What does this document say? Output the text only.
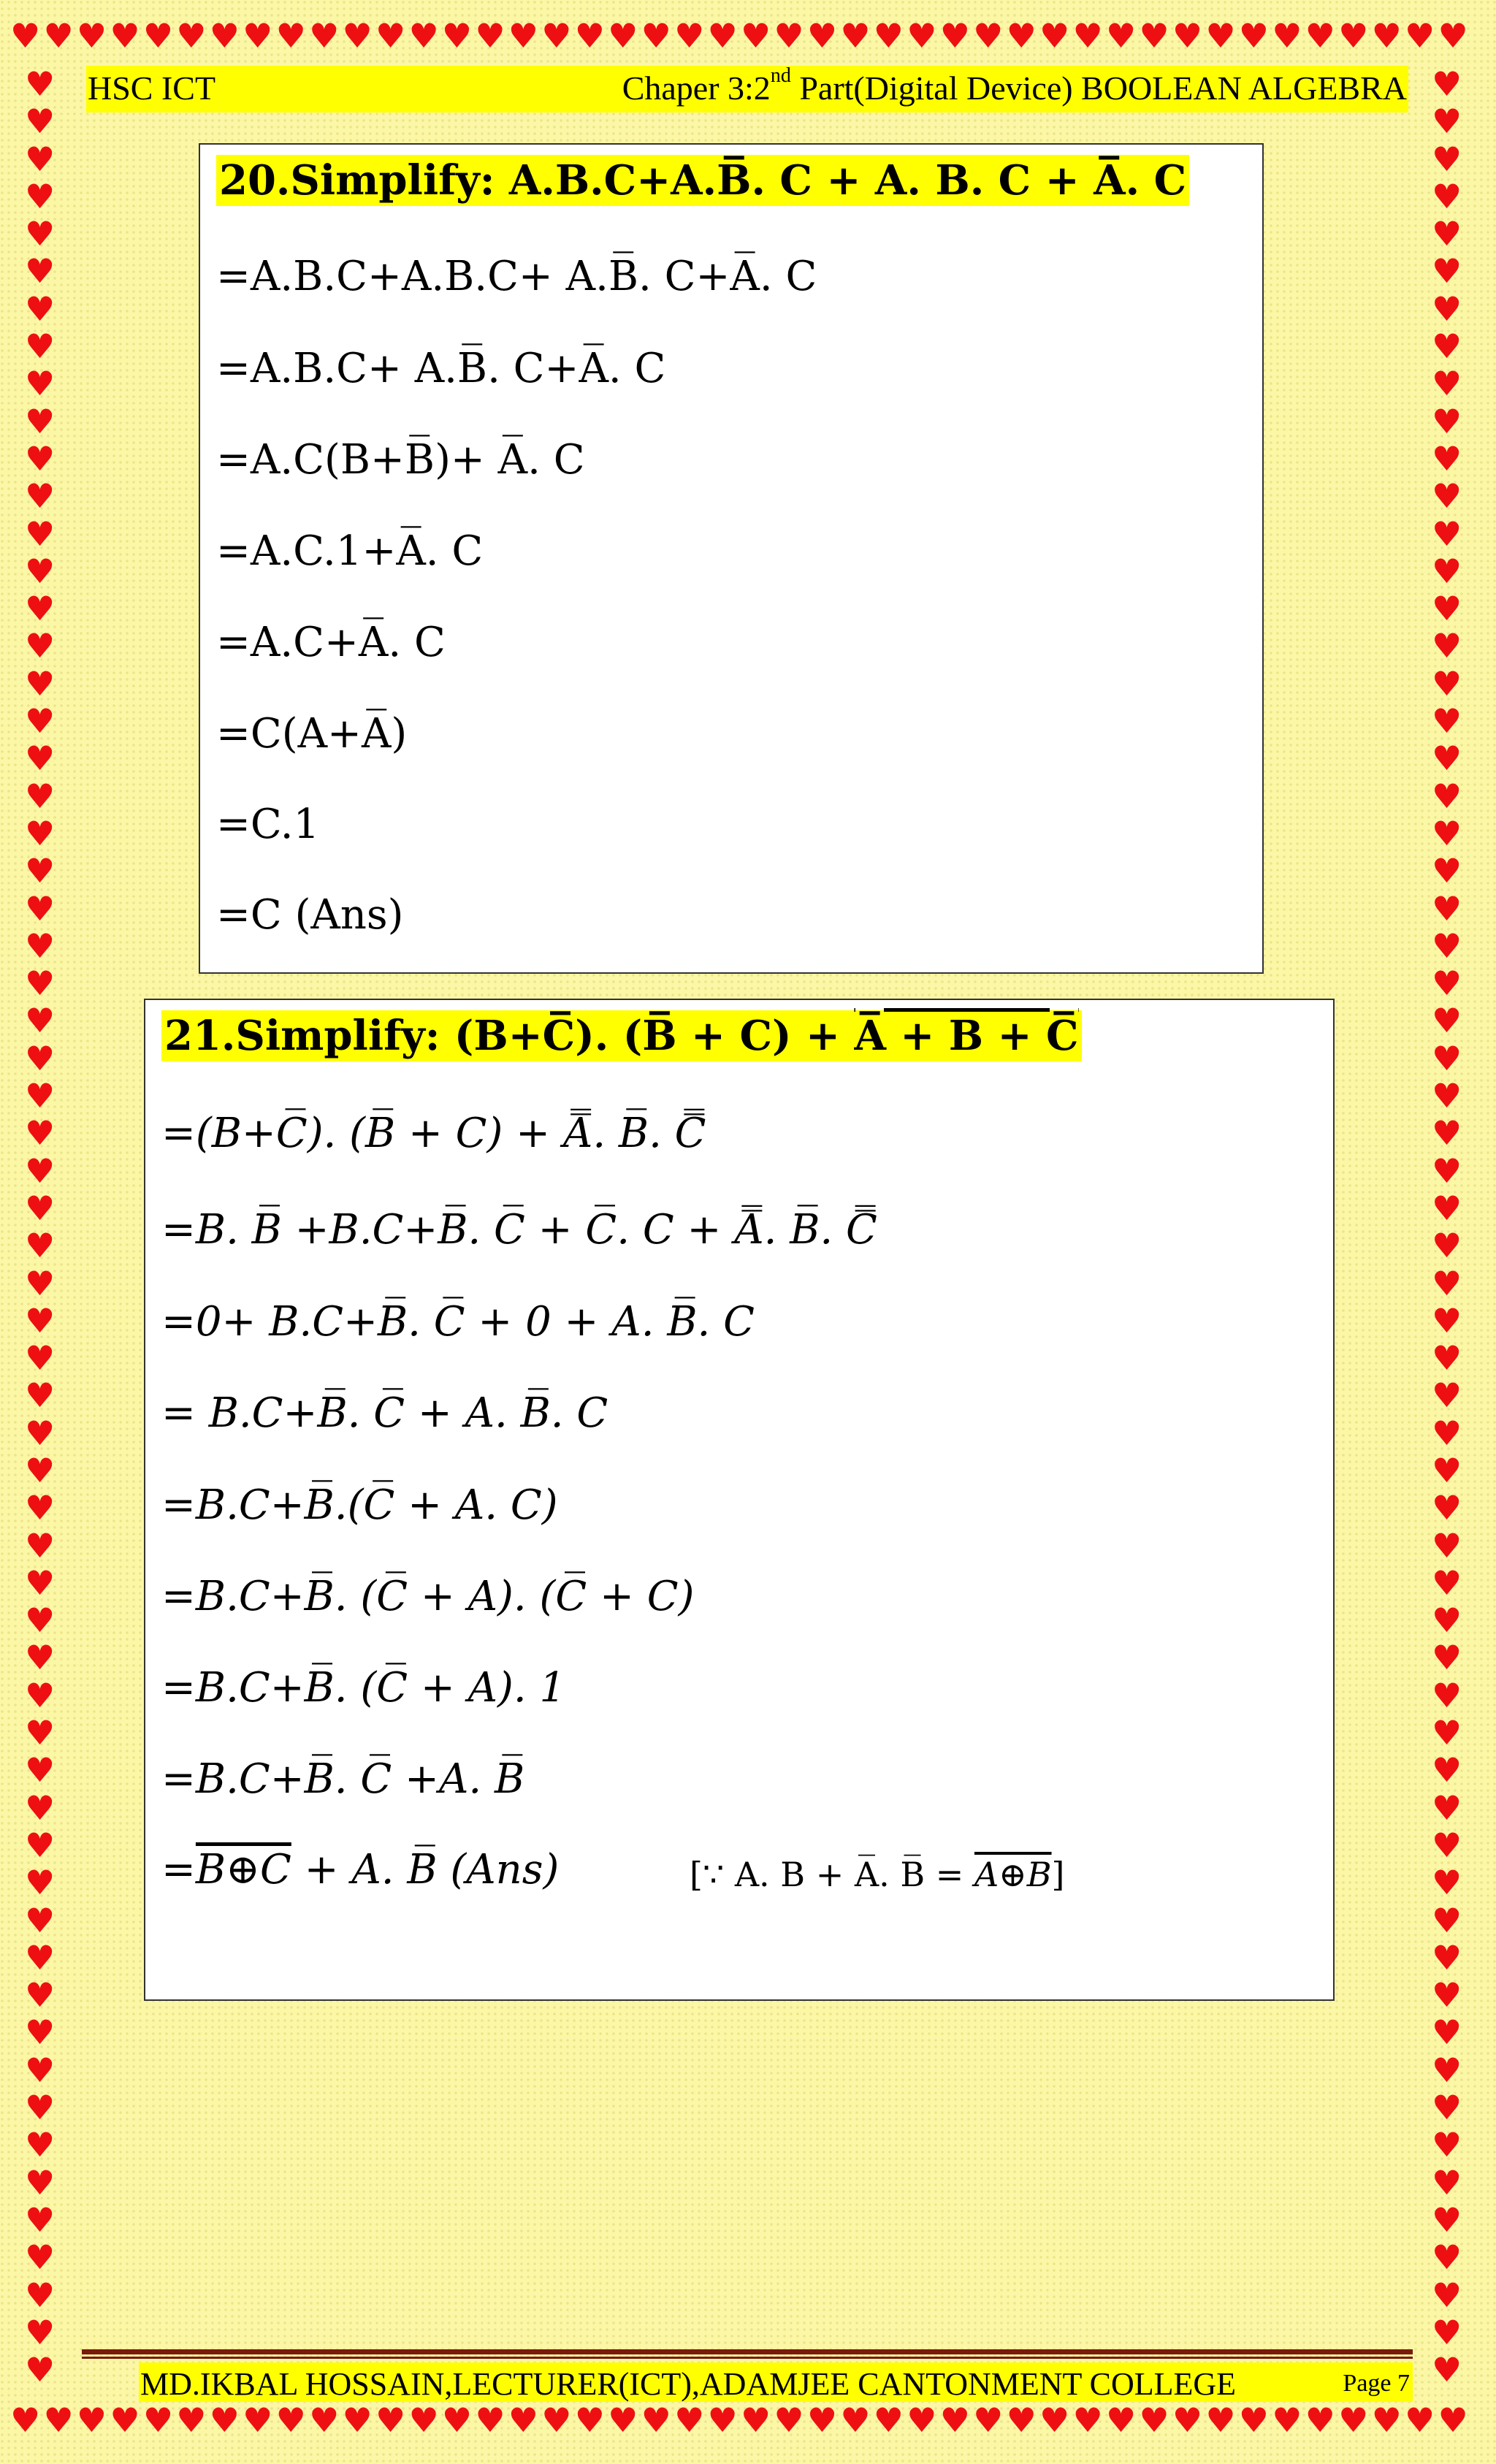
♥♥♥♥♥♥♥♥♥♥♥♥♥♥♥♥♥♥♥♥♥♥♥♥♥♥♥♥♥♥♥♥♥♥♥♥♥♥♥♥♥♥♥♥
♥♥♥♥♥♥♥♥♥♥♥♥♥♥♥♥♥♥♥♥♥♥♥♥♥♥♥♥♥♥♥♥♥♥♥♥♥♥♥♥♥♥♥♥
♥♥♥♥♥♥♥♥♥♥♥♥♥♥♥♥♥♥♥♥♥♥♥♥♥♥♥♥♥♥♥♥♥♥♥♥♥♥♥♥♥♥♥♥♥♥♥♥♥♥♥♥♥♥♥♥♥♥♥♥♥♥
♥♥♥♥♥♥♥♥♥♥♥♥♥♥♥♥♥♥♥♥♥♥♥♥♥♥♥♥♥♥♥♥♥♥♥♥♥♥♥♥♥♥♥♥♥♥♥♥♥♥♥♥♥♥♥♥♥♥♥♥♥♥
HSC ICT	Chaper 3:2nd Part(Digital Device) BOOLEAN ALGEBRA
20.Simplify: A.B.C+A.B̅. C + A. B. C + A̅. C
=A.B.C+A.B.C+ A.B̅. C+A̅. C
=A.B.C+ A.B̅. C+A̅. C
=A.C(B+B̅)+ A̅. C
=A.C.1+A̅. C
=A.C+A̅. C
=C(A+A̅)
=C.1
=C (Ans)
21.Simplify: (B+C̅). (B̅ + C) + A̅ + B + C̅
=(B+C̅). (B̅ + C) + A̿. B̅. C̿
=B. B̅ +B.C+B̅. C̅ + C̅. C + A̿. B̅. C̿
=0+ B.C+B̅. C̅ + 0 + A. B̅. C
= B.C+B̅. C̅ + A. B̅. C
=B.C+B̅.(C̅ + A. C)
=B.C+B̅. (C̅ + A). (C̅ + C)
=B.C+B̅. (C̅ + A). 1
=B.C+B̅. C̅ +A. B̅
=B⊕C + A. B̅ (Ans)	[∵ A. B + A̅. B̅ = A⊕B]
MD.IKBAL HOSSAIN,LECTURER(ICT),ADAMJEE CANTONMENT COLLEGE	Page 7
